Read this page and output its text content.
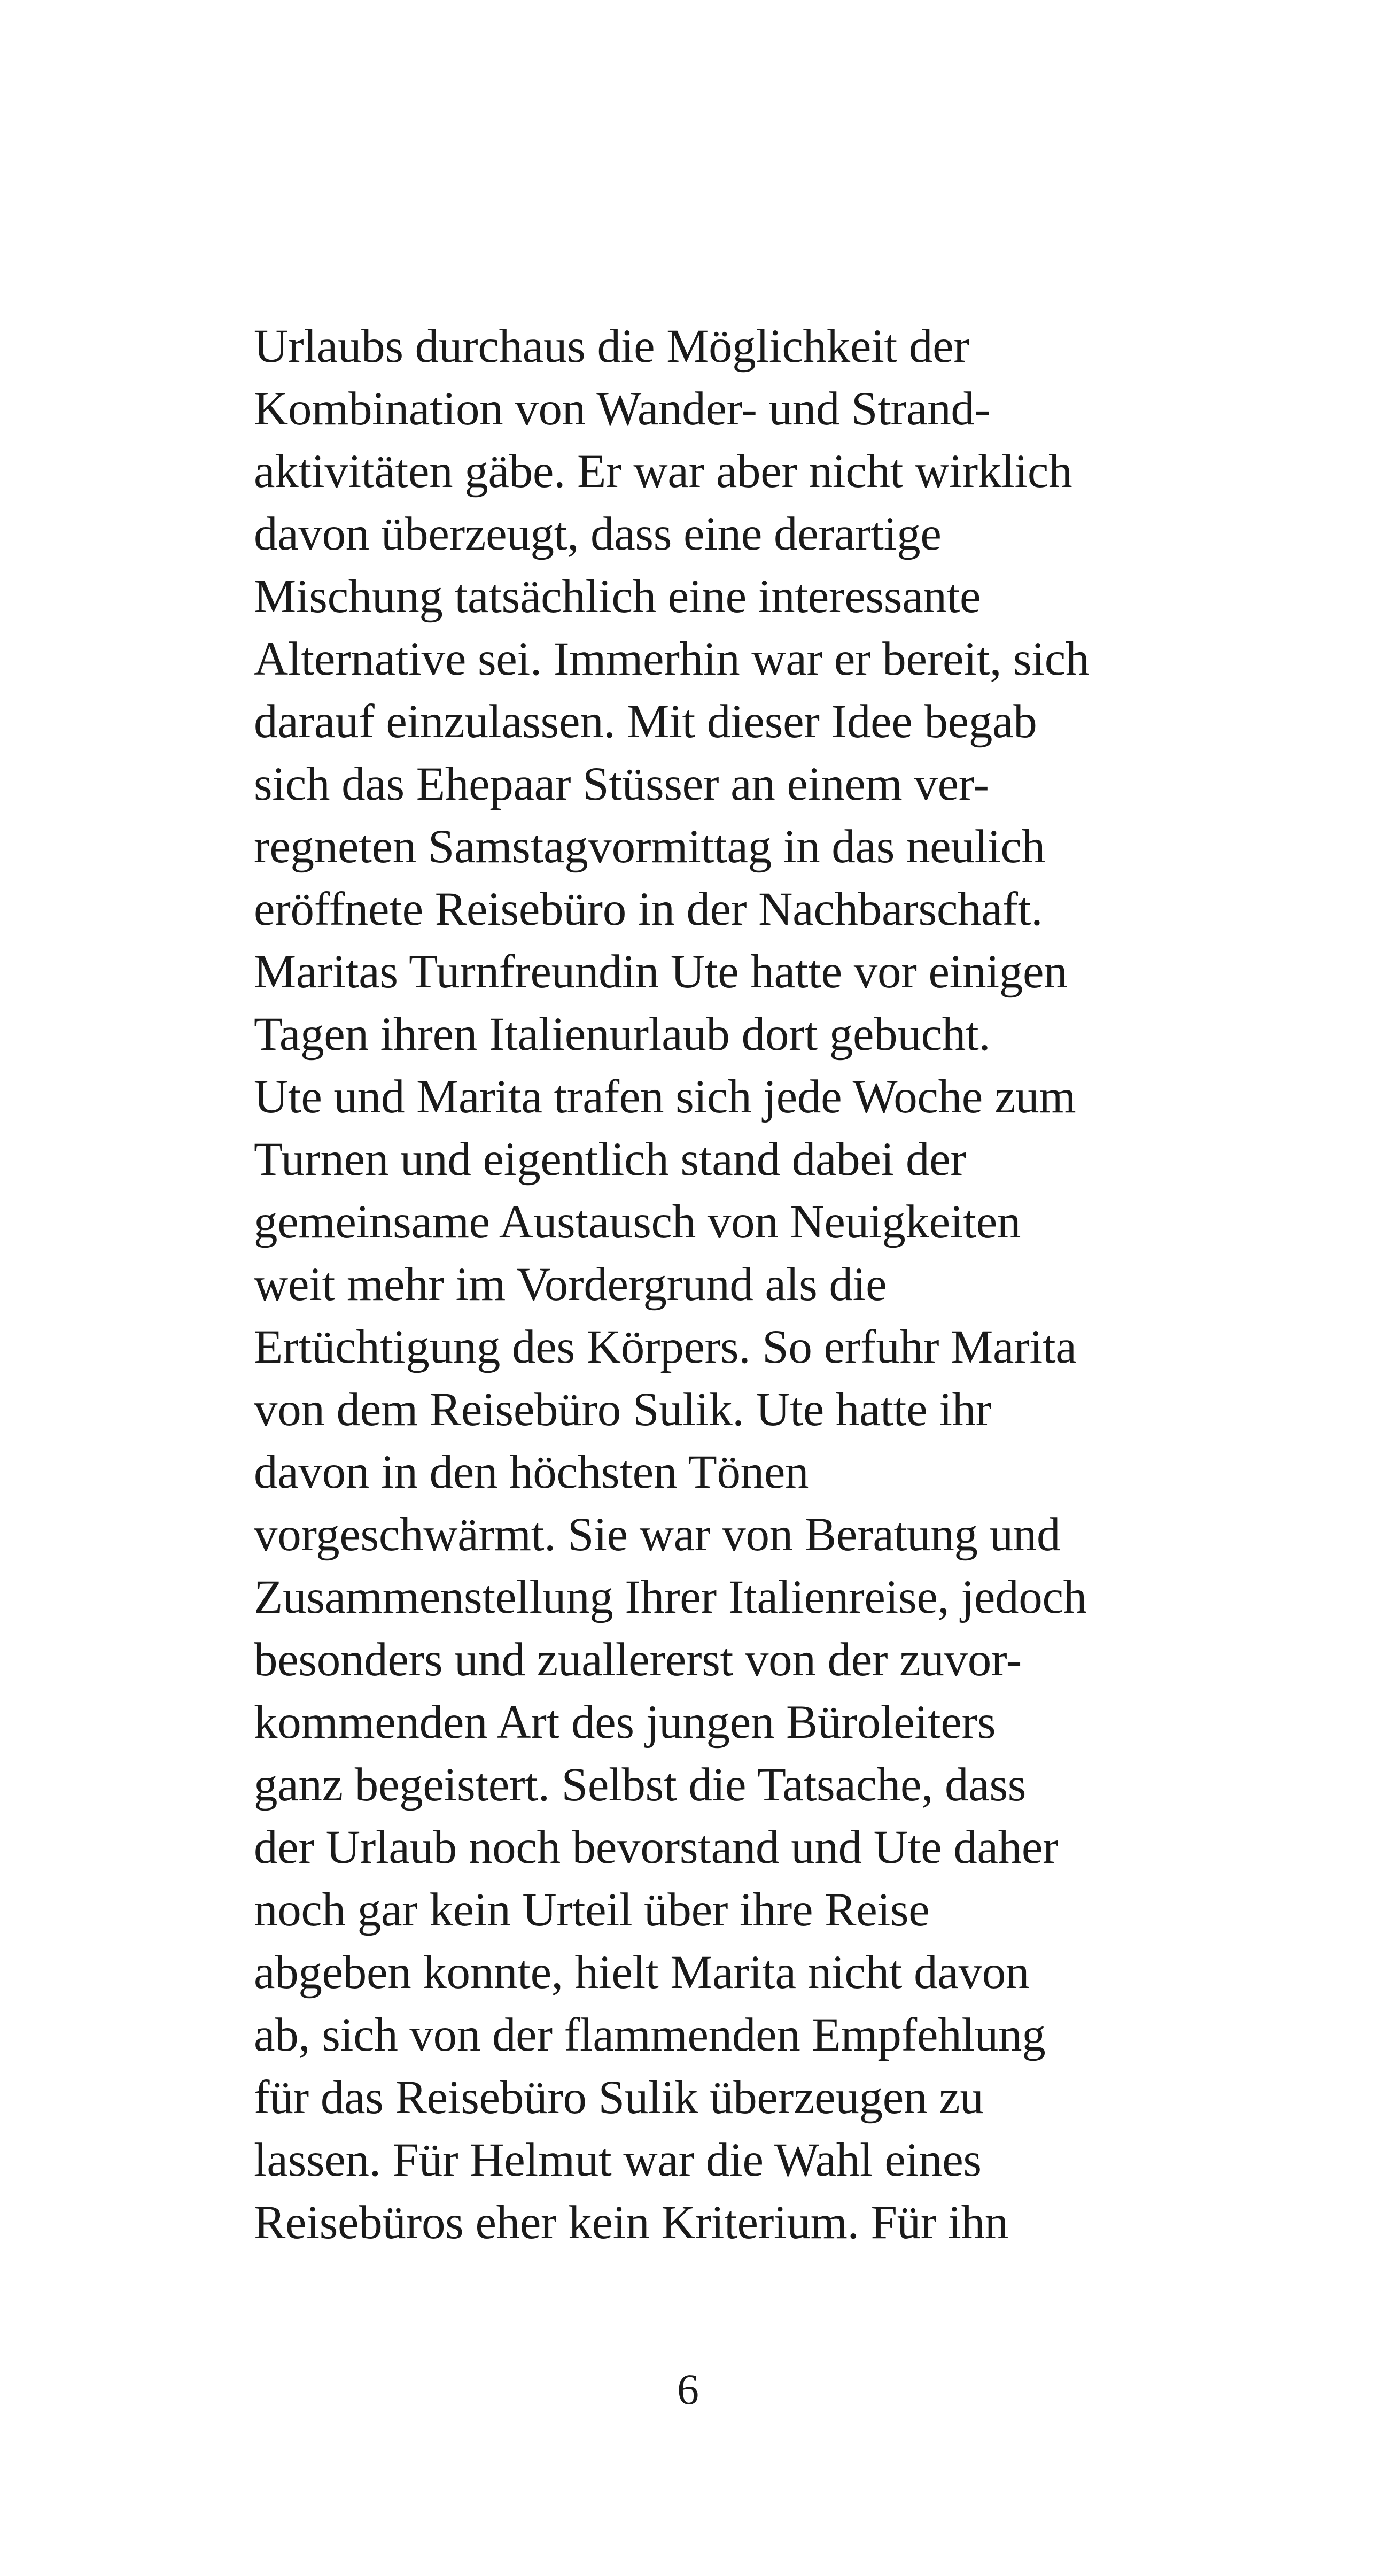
Urlaubs durchaus die Möglichkeit der
Kombination von Wander- und Strand-
aktivitäten gäbe. Er war aber nicht wirklich
davon überzeugt, dass eine derartige
Mischung tatsächlich eine interessante
Alternative sei. Immerhin war er bereit, sich
darauf einzulassen. Mit dieser Idee begab
sich das Ehepaar Stüsser an einem ver-
regneten Samstagvormittag in das neulich
eröffnete Reisebüro in der Nachbarschaft.
Maritas Turnfreundin Ute hatte vor einigen
Tagen ihren Italienurlaub dort gebucht.
Ute und Marita trafen sich jede Woche zum
Turnen und eigentlich stand dabei der
gemeinsame Austausch von Neuigkeiten
weit mehr im Vordergrund als die
Ertüchtigung des Körpers. So erfuhr Marita
von dem Reisebüro Sulik. Ute hatte ihr
davon in den höchsten Tönen
vorgeschwärmt. Sie war von Beratung und
Zusammenstellung Ihrer Italienreise, jedoch
besonders und zuallererst von der zuvor-
kommenden Art des jungen Büroleiters
ganz begeistert. Selbst die Tatsache, dass
der Urlaub noch bevorstand und Ute daher
noch gar kein Urteil über ihre Reise
abgeben konnte, hielt Marita nicht davon
ab, sich von der flammenden Empfehlung
für das Reisebüro Sulik überzeugen zu
lassen. Für Helmut war die Wahl eines
Reisebüros eher kein Kriterium. Für ihn
6
